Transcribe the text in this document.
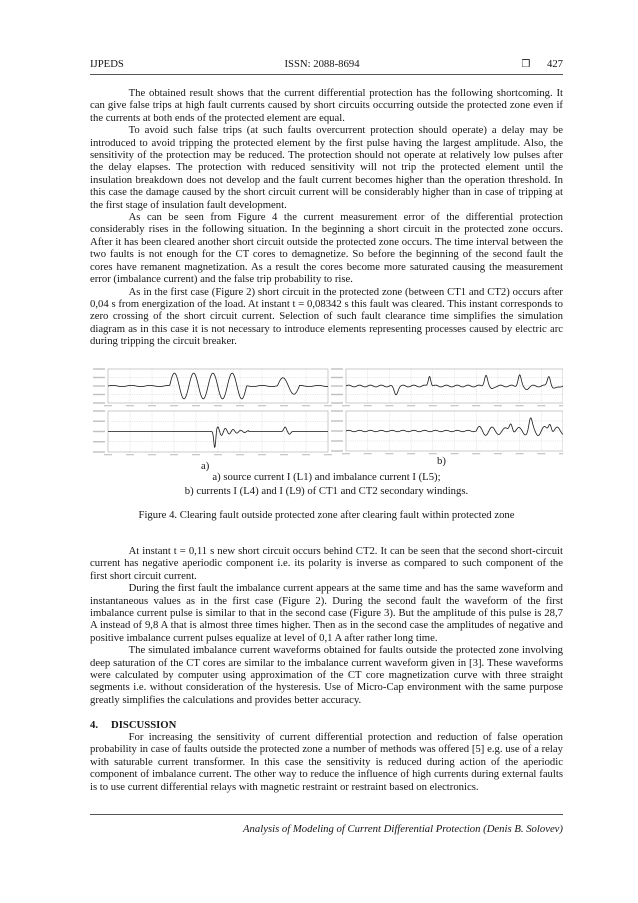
IJPEDS	ISSN: 2088-8694	❒ 427

The obtained result shows that the current differential protection has the following shortcoming. It can give false trips at high fault currents caused by short circuits occurring outside the protected zone even if the currents at both ends of the protected element are equal.

To avoid such false trips (at such faults overcurrent protection should operate) a delay may be introduced to avoid tripping the protected element by the first pulse having the largest amplitude. Also, the sensitivity of the protection may be reduced. The protection should not operate at relatively low pulses after the delay elapses. The protection with reduced sensitivity will not trip the protected element until the insulation breakdown does not develop and the fault current becomes higher than the operation threshold. In this case the damage caused by the short circuit current will be considerably higher than in case of tripping at the first stage of insulation fault development.

As can be seen from Figure 4 the current measurement error of the differential protection considerably rises in the following situation. In the beginning a short circuit in the protected zone occurs. After it has been cleared another short circuit outside the protected zone occurs. The time interval between the two faults is not enough for the CT cores to demagnetize. So before the beginning of the second fault the cores have remanent magnetization. As a result the cores become more saturated causing the measurement error (imbalance current) and the false trip probability to rise.

As in the first case (Figure 2) short circuit in the protected zone (between CT1 and CT2) occurs after 0,04 s from energization of the load. At instant t = 0,08342 s this fault was cleared. This instant corresponds to zero crossing of the short circuit current. Selection of such fault clearance time simplifies the simulation diagram as in this case it is not necessary to introduce elements representing processes caused by electric arc during tripping the circuit breaker.

a)	b)
a) source current I (L1) and imbalance current I (L5);
b) currents I (L4) and I (L9) of CT1 and CT2 secondary windings.
Figure 4. Clearing fault outside protected zone after clearing fault within protected zone

At instant t = 0,11 s new short circuit occurs behind CT2. It can be seen that the second short-circuit current has negative aperiodic component i.e. its polarity is inverse as compared to such component of the first short circuit current.

During the first fault the imbalance current appears at the same time and has the same waveform and instantaneous values as in the first case (Figure 2). During the second fault the waveform of the first imbalance current pulse is similar to that in the second case (Figure 3). But the amplitude of this pulse is 28,7 A instead of 9,8 A that is almost three times higher. Then as in the second case the amplitudes of negative and positive imbalance current pulses equalize at level of 0,1 A after rather long time.

The simulated imbalance current waveforms obtained for faults outside the protected zone involving deep saturation of the CT cores are similar to the imbalance current waveform given in [3]. These waveforms were calculated by computer using approximation of the CT core magnetization curve with three straight segments i.e. without consideration of the hysteresis. Use of Micro-Cap environment with the same purpose greatly simplifies the calculations and provides better accuracy.

4. DISCUSSION

For increasing the sensitivity of current differential protection and reduction of false operation probability in case of faults outside the protected zone a number of methods was offered [5] e.g. use of a relay with saturable current transformer. In this case the sensitivity is reduced during action of the aperiodic component of imbalance current. The other way to reduce the influence of high currents during external faults is to use current differential relays with magnetic restraint or restraint based on electronics.

Analysis of Modeling of Current Differential Protection (Denis B. Solovev)
